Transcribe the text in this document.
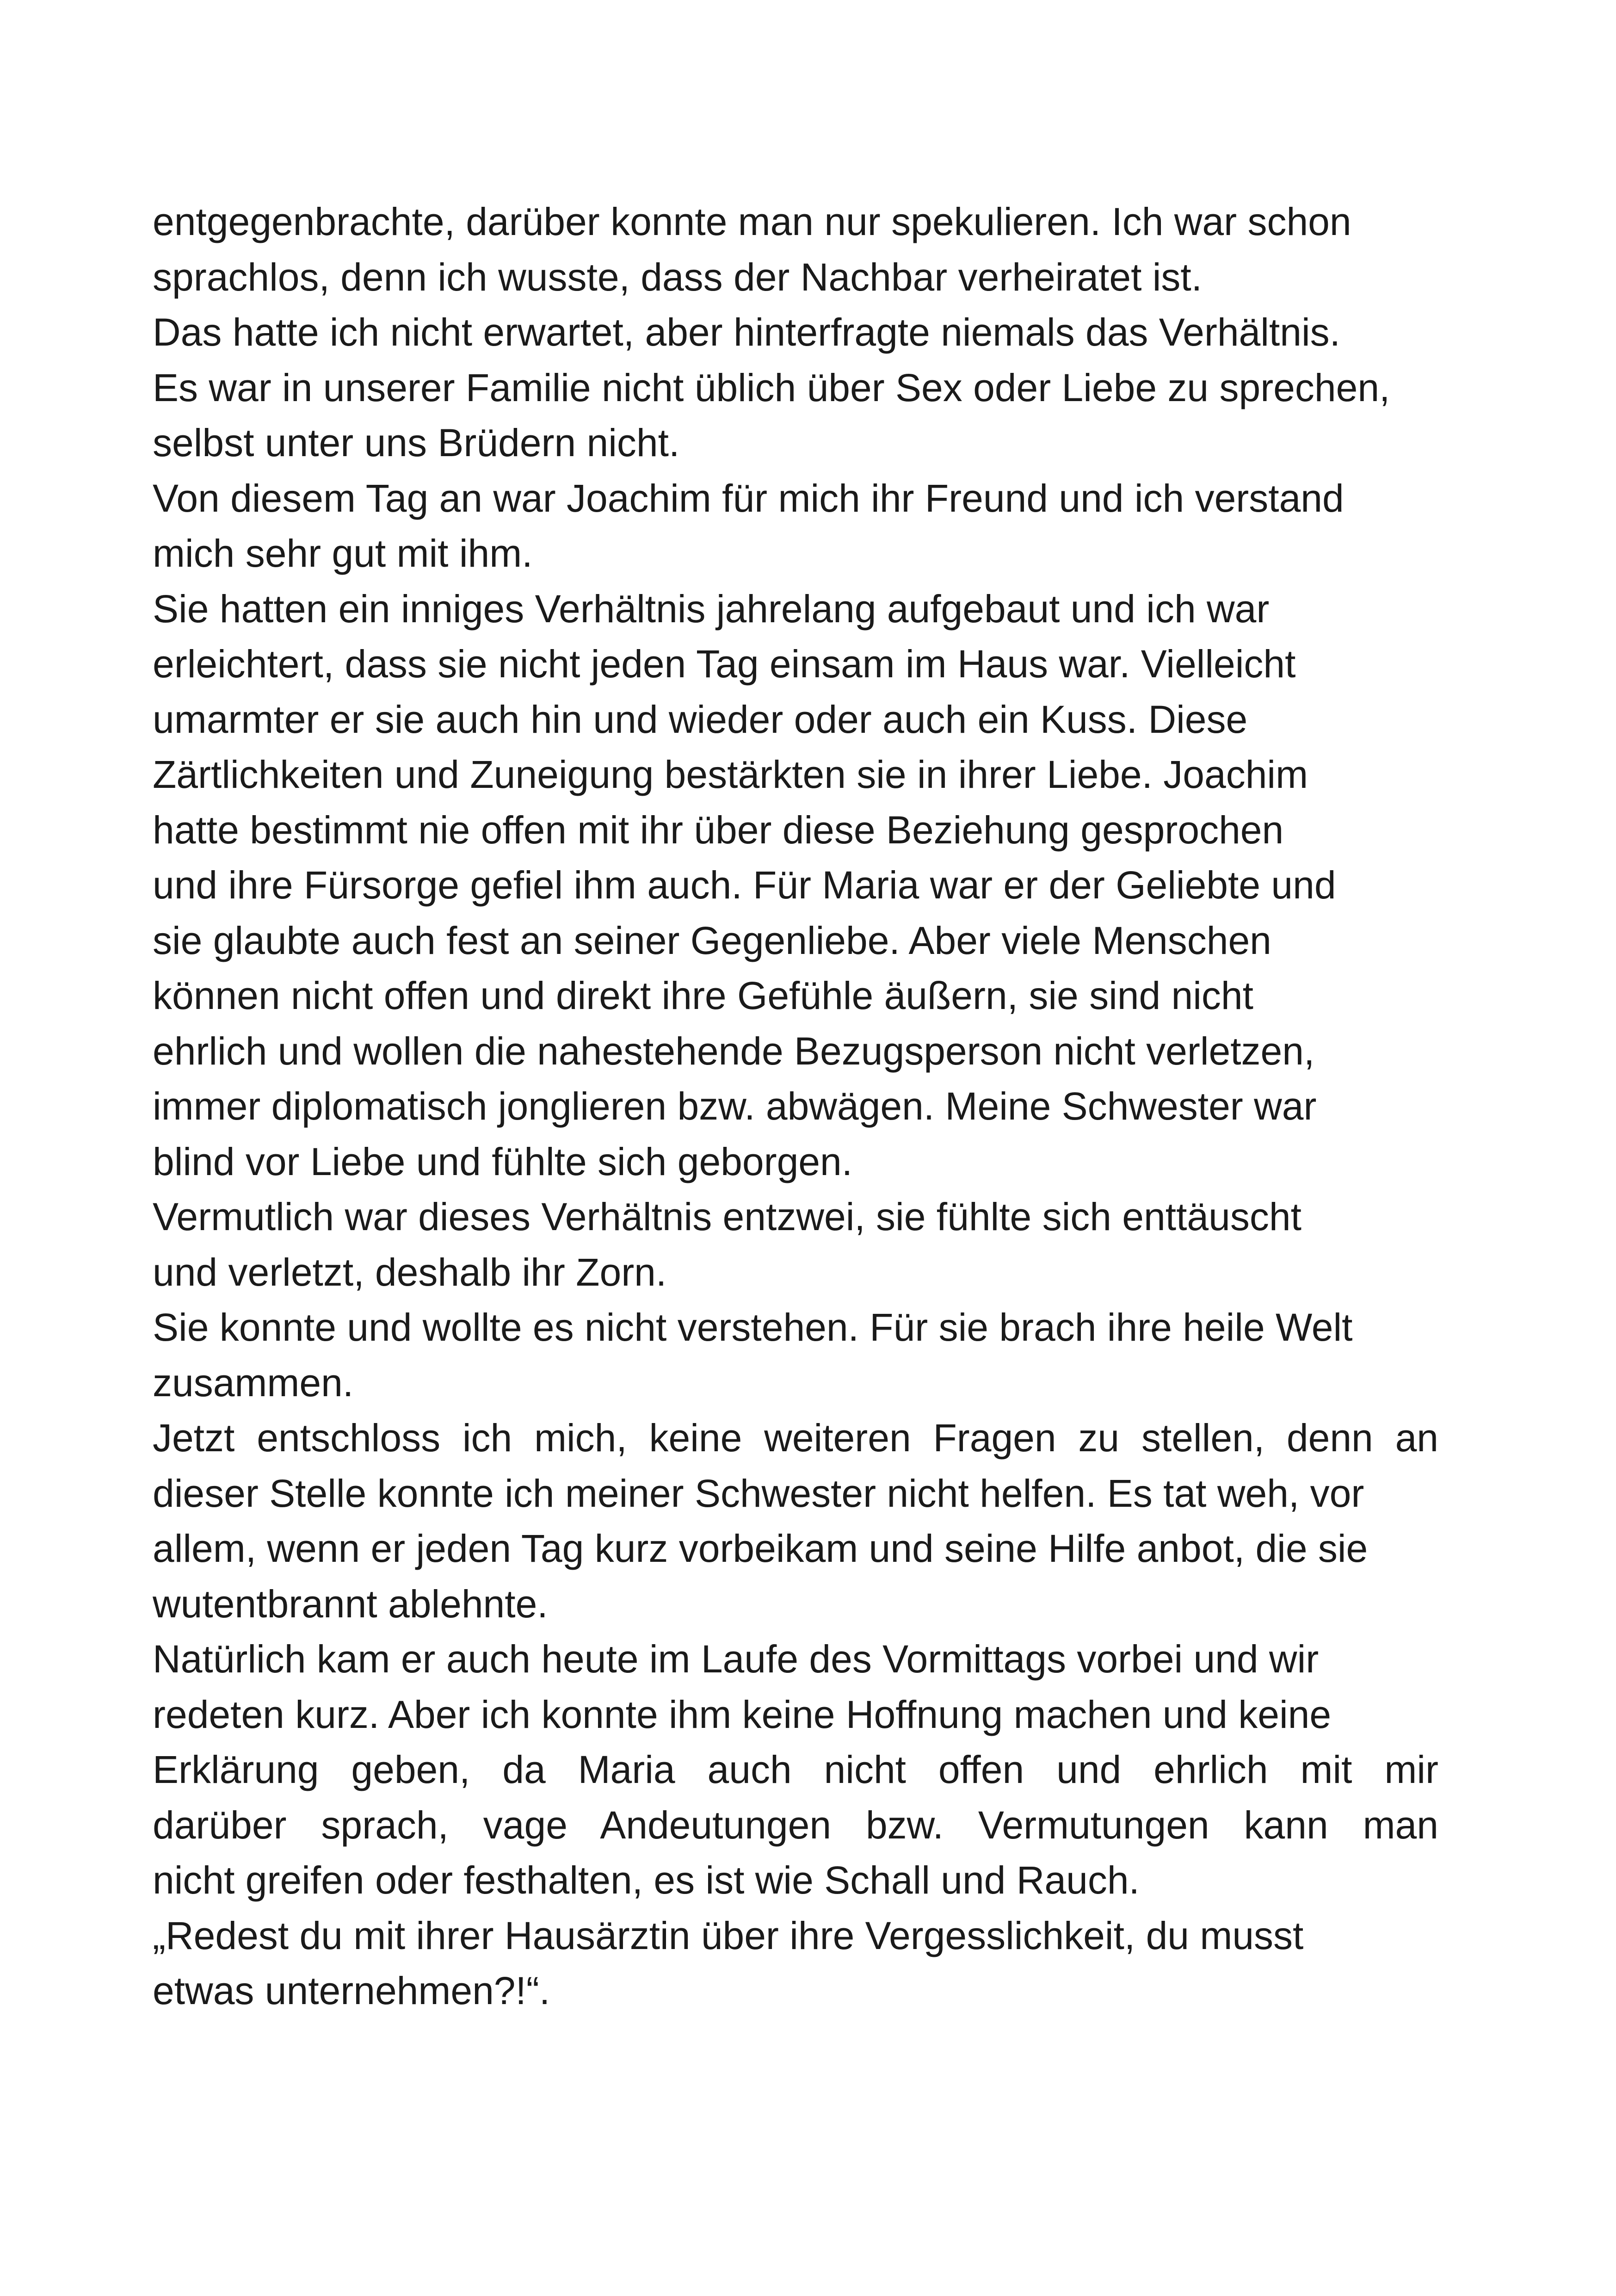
entgegenbrachte, darüber konnte man nur spekulieren. Ich war schon
sprachlos, denn ich wusste, dass der Nachbar verheiratet ist.
Das hatte ich nicht erwartet, aber hinterfragte niemals das Verhältnis.
Es war in unserer Familie nicht üblich über Sex oder Liebe zu sprechen,
selbst unter uns Brüdern nicht.
Von diesem Tag an war Joachim für mich ihr Freund und ich verstand
mich sehr gut mit ihm.
Sie hatten ein inniges Verhältnis jahrelang aufgebaut und ich war
erleichtert, dass sie nicht jeden Tag einsam im Haus war. Vielleicht
umarmter er sie auch hin und wieder oder auch ein Kuss. Diese
Zärtlichkeiten und Zuneigung bestärkten sie in ihrer Liebe. Joachim
hatte bestimmt nie offen mit ihr über diese Beziehung gesprochen
und ihre Fürsorge gefiel ihm auch. Für Maria war er der Geliebte und
sie glaubte auch fest an seiner Gegenliebe. Aber viele Menschen
können nicht offen und direkt ihre Gefühle äußern, sie sind nicht
ehrlich und wollen die nahestehende Bezugsperson nicht verletzen,
immer diplomatisch jonglieren bzw. abwägen. Meine Schwester war
blind vor Liebe und fühlte sich geborgen.
Vermutlich war dieses Verhältnis entzwei, sie fühlte sich enttäuscht
und verletzt, deshalb ihr Zorn.
Sie konnte und wollte es nicht verstehen. Für sie brach ihre heile Welt
zusammen.
Jetzt entschloss ich mich, keine weiteren Fragen zu stellen, denn an
dieser Stelle konnte ich meiner Schwester nicht helfen. Es tat weh, vor
allem, wenn er jeden Tag kurz vorbeikam und seine Hilfe anbot, die sie
wutentbrannt ablehnte.
Natürlich kam er auch heute im Laufe des Vormittags vorbei und wir
redeten kurz. Aber ich konnte ihm keine Hoffnung machen und keine
Erklärung geben, da Maria auch nicht offen und ehrlich mit mir
darüber sprach, vage Andeutungen bzw. Vermutungen kann man
nicht greifen oder festhalten, es ist wie Schall und Rauch.
„Redest du mit ihrer Hausärztin über ihre Vergesslichkeit, du musst
etwas unternehmen?!“.
